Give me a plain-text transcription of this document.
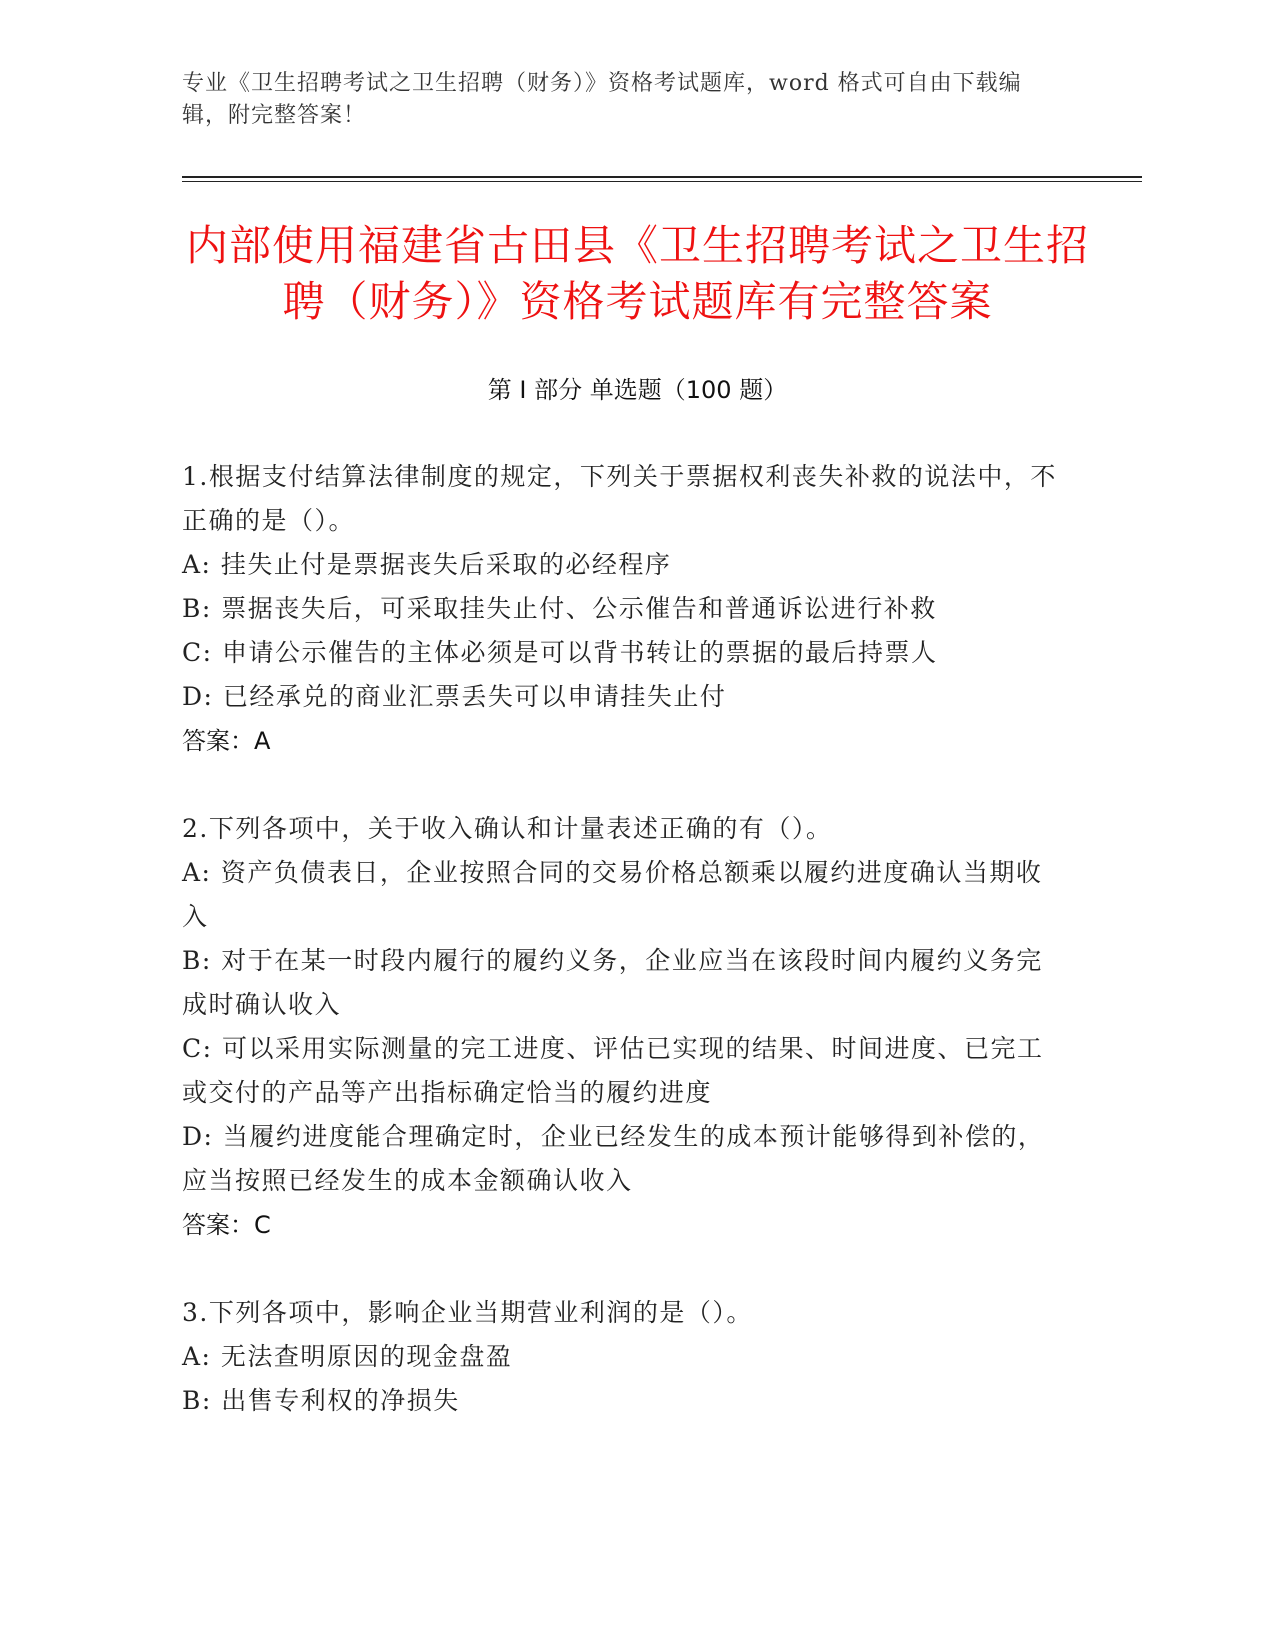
专业《卫生招聘考试之卫生招聘（财务）》资格考试题库，word 格式可自由下载编辑，附完整答案！
内部使用福建省古田县《卫生招聘考试之卫生招聘（财务）》资格考试题库有完整答案
第 I 部分 单选题（100 题）
1.根据支付结算法律制度的规定，下列关于票据权利丧失补救的说法中，不正确的是（）。
A: 挂失止付是票据丧失后采取的必经程序
B: 票据丧失后，可采取挂失止付、公示催告和普通诉讼进行补救
C: 申请公示催告的主体必须是可以背书转让的票据的最后持票人
D: 已经承兑的商业汇票丢失可以申请挂失止付
答案：A
2.下列各项中，关于收入确认和计量表述正确的有（）。
A: 资产负债表日，企业按照合同的交易价格总额乘以履约进度确认当期收入
B: 对于在某一时段内履行的履约义务，企业应当在该段时间内履约义务完成时确认收入
C: 可以采用实际测量的完工进度、评估已实现的结果、时间进度、已完工或交付的产品等产出指标确定恰当的履约进度
D: 当履约进度能合理确定时，企业已经发生的成本预计能够得到补偿的，应当按照已经发生的成本金额确认收入
答案：C
3.下列各项中，影响企业当期营业利润的是（）。
A: 无法查明原因的现金盘盈
B: 出售专利权的净损失
